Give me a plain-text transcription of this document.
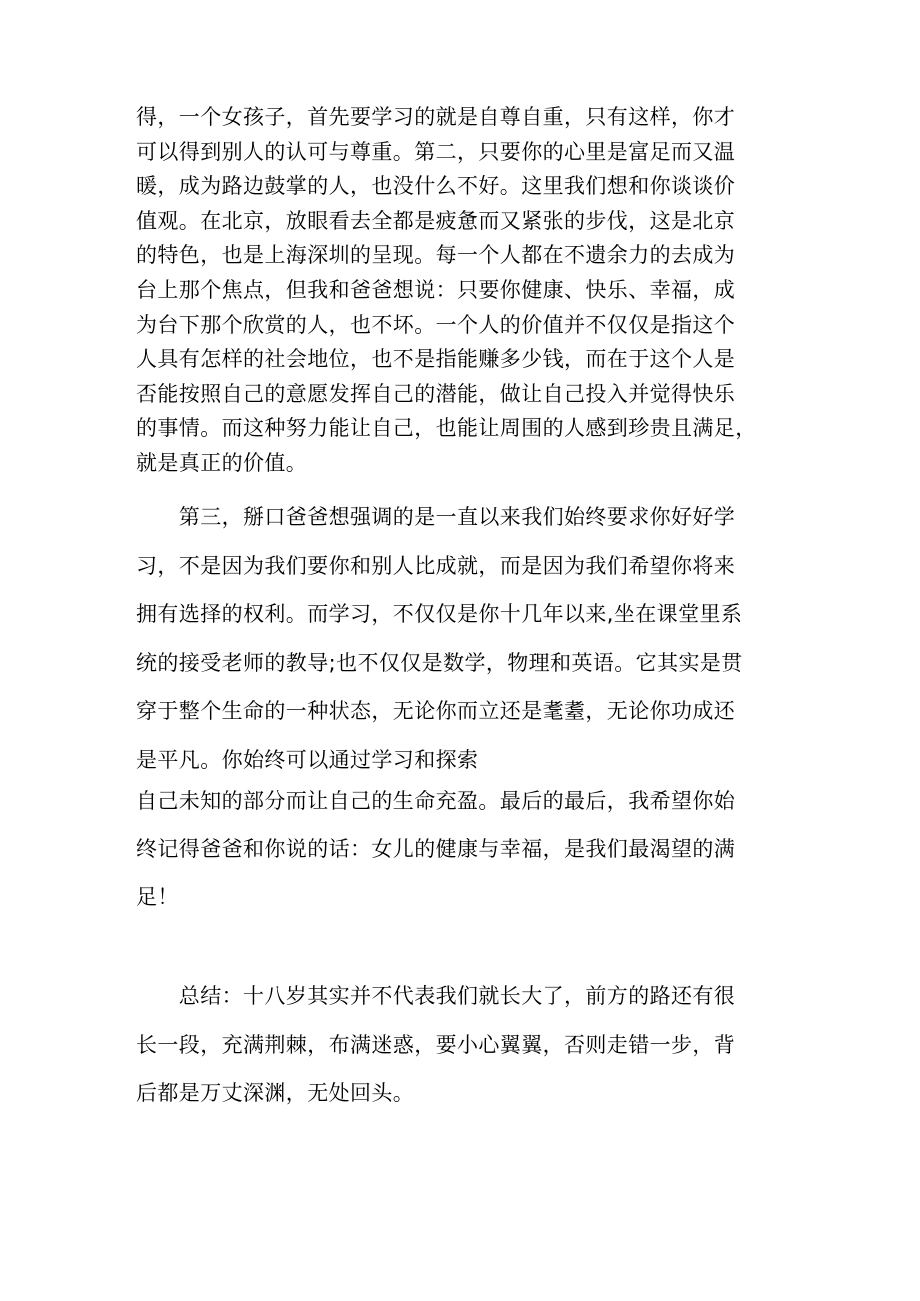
得，一个女孩子，首先要学习的就是自尊自重，只有这样，你才
可以得到别人的认可与尊重。第二，只要你的心里是富足而又温
暖，成为路边鼓掌的人，也没什么不好。这里我们想和你谈谈价
值观。在北京，放眼看去全都是疲惫而又紧张的步伐，这是北京
的特色，也是上海深圳的呈现。每一个人都在不遗余力的去成为
台上那个焦点，但我和爸爸想说：只要你健康、快乐、幸福，成
为台下那个欣赏的人，也不坏。一个人的价值并不仅仅是指这个
人具有怎样的社会地位，也不是指能赚多少钱，而在于这个人是
否能按照自己的意愿发挥自己的潜能，做让自己投入并觉得快乐
的事情。而这种努力能让自己，也能让周围的人感到珍贵且满足，
就是真正的价值。
　　第三，掰口爸爸想强调的是一直以来我们始终要求你好好学
习，不是因为我们要你和别人比成就，而是因为我们希望你将来
拥有选择的权利。而学习，不仅仅是你十几年以来,坐在课堂里系
统的接受老师的教导;也不仅仅是数学，物理和英语。它其实是贯
穿于整个生命的一种状态，无论你而立还是耄耋，无论你功成还
是平凡。你始终可以通过学习和探索
自己未知的部分而让自己的生命充盈。最后的最后，我希望你始
终记得爸爸和你说的话：女儿的健康与幸福，是我们最渴望的满
足！
　　总结：十八岁其实并不代表我们就长大了，前方的路还有很
长一段，充满荆棘，布满迷惑，要小心翼翼，否则走错一步，背
后都是万丈深渊，无处回头。
